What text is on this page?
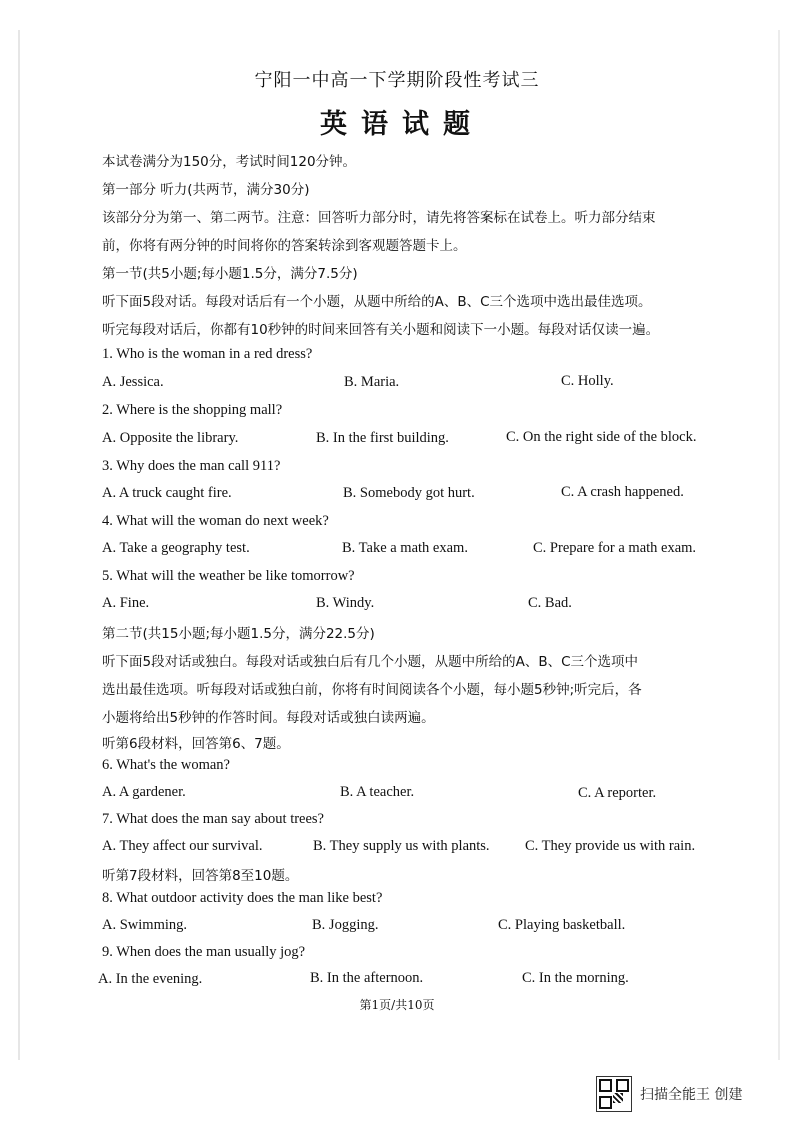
宁阳一中高一下学期阶段性考试三
英语试题
本试卷满分为150分，考试时间120分钟。
第一部分 听力(共两节，满分30分)
该部分分为第一、第二两节。注意：回答听力部分时，请先将答案标在试卷上。听力部分结束
前，你将有两分钟的时间将你的答案转涂到客观题答题卡上。
第一节(共5小题;每小题1.5分，满分7.5分)
听下面5段对话。每段对话后有一个小题，从题中所给的A、B、C三个选项中选出最佳选项。
听完每段对话后，你都有10秒钟的时间来回答有关小题和阅读下一小题。每段对话仅读一遍。
1. Who is the woman in a red dress?
A. Jessica.	B. Maria.	C. Holly.
2. Where is the shopping mall?
A. Opposite the library.	B. In the first building.	C. On the right side of the block.
3. Why does the man call 911?
A. A truck caught fire.	B. Somebody got hurt.	C. A crash happened.
4. What will the woman do next week?
A. Take a geography test.	B. Take a math exam.	C. Prepare for a math exam.
5. What will the weather be like tomorrow?
A. Fine.	B. Windy.	C. Bad.
第二节(共15小题;每小题1.5分，满分22.5分)
听下面5段对话或独白。每段对话或独白后有几个小题，从题中所给的A、B、C三个选项中
选出最佳选项。听每段对话或独白前，你将有时间阅读各个小题，每小题5秒钟;听完后，各
小题将给出5秒钟的作答时间。每段对话或独白读两遍。
听第6段材料，回答第6、7题。
6. What's the woman?
A. A gardener.	B. A teacher.	C. A reporter.
7. What does the man say about trees?
A. They affect our survival.	B. They supply us with plants. C. They provide us with rain.
听第7段材料，回答第8至10题。
8. What outdoor activity does the man like best?
A. Swimming.	B. Jogging.	C. Playing basketball.
9. When does the man usually jog?
A. In the evening.	B. In the afternoon.	C. In the morning.
第1页/共10页
扫描全能王 创建
